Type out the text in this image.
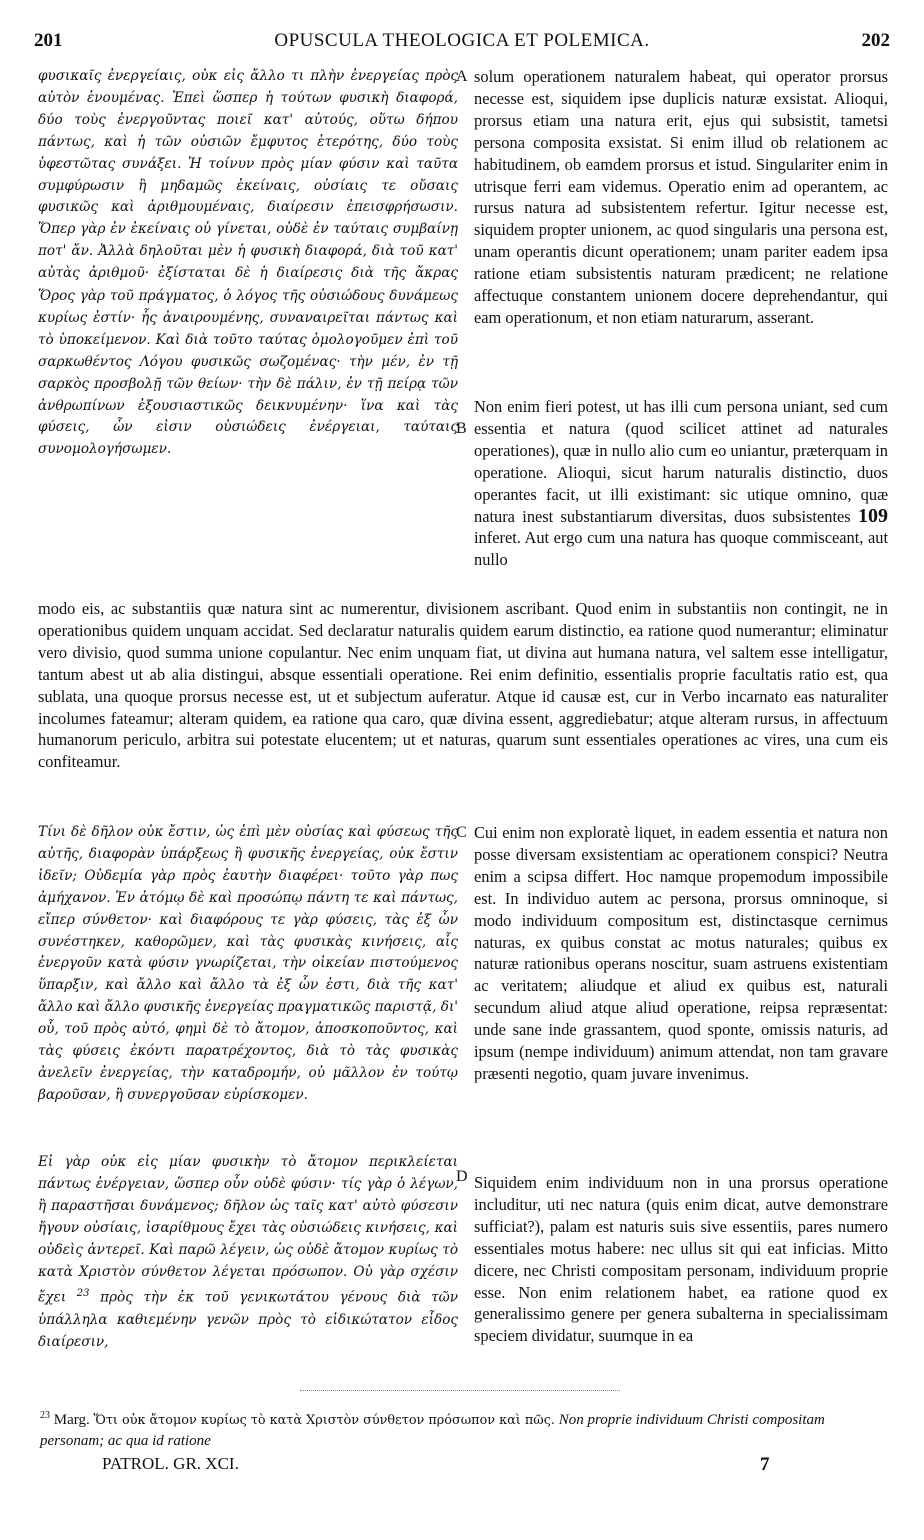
201	OPUSCULA THEOLOGICA ET POLEMICA.	202

φυσικαῖς ἐνεργείαις, οὐκ εἰς ἄλλο τι πλὴν ἐνεργείας πρὸς αὐτὸν ἑνουμένας. Ἐπεὶ ὥσπερ ἡ τούτων φυσικὴ διαφορά, δύο τοὺς ἐνεργοῦντας ποιεῖ κατ' αὐτούς, οὕτω δήπου πάντως, καὶ ἡ τῶν οὐσιῶν ἔμφυτος ἑτερότης, δύο τοὺς ὑφεστῶτας συνάξει. Ἡ τοίνυν πρὸς μίαν φύσιν καὶ ταῦτα συμφύρωσιν ἢ μηδαμῶς ἐκείναις, οὐσίαις τε οὔσαις φυσικῶς καὶ ἀριθμουμέναις, διαίρεσιν ἐπεισφρήσωσιν. Ὅπερ γὰρ ἐν ἐκείναις οὐ γίνεται, οὐδὲ ἐν ταύταις συμβαίνῃ ποτ' ἄν. Ἀλλὰ δηλοῦται μὲν ἡ φυσικὴ διαφορά, διὰ τοῦ κατ' αὐτὰς ἀριθμοῦ· ἐξίσταται δὲ ἡ διαίρεσις διὰ τῆς ἄκρας

A solum operationem naturalem habeat, qui operator prorsus necesse est, siquidem ipse duplicis naturæ exsistat. Alioqui, prorsus etiam una natura erit, ejus qui subsistit, tametsi persona composita exsistat. Si enim illud ob relationem ac habitudinem, ob eamdem prorsus et istud. Singulariter enim in utrisque ferri eam videmus. Operatio enim ad operantem, ac rursus natura ad subsistentem refertur. Igitur necesse est, siquidem propter unionem, ac quod singularis una persona est, unam operantis dicunt operationem; unam pariter eadem ipsa ratione etiam subsistentis naturam prædicent; ne relatione affectuque constantem unionem docere deprehendantur, qui eam operationum, et non etiam naturarum, asserant.

Ὅρος γὰρ τοῦ πράγματος, ὁ λόγος τῆς οὐσιώδους δυνάμεως κυρίως ἐστίν· ἧς ἀναιρουμένης, συναναιρεῖται πάντως καὶ τὸ ὑποκείμενον. Καὶ διὰ τοῦτο ταύτας ὁμολογοῦμεν ἐπὶ τοῦ σαρκωθέντος Λόγου φυσικῶς σωζομένας· τὴν μέν, ἐν τῇ σαρκὸς προσβολῇ τῶν θείων· τὴν δὲ πάλιν, ἐν τῇ πείρᾳ τῶν ἀνθρωπίνων ἐξουσιαστικῶς δεικνυμένην· ἵνα καὶ τὰς φύσεις, ὧν εἰσιν οὐσιώδεις ἐνέργειαι, ταύταις συνομολογήσωμεν.

B

Non enim fieri potest, ut has illi cum persona uniant, sed cum essentia et natura (quod scilicet attinet ad naturales operationes), quæ in nullo alio cum eo uniantur, præterquam in operatione. Alioqui, sicut harum naturalis distinctio, duos operantes facit, ut illi existimant: sic utique omnino, quæ natura inest substantiarum diversitas, duos subsistentes 109 inferet. Aut ergo cum una natura has quoque commisceant, aut nullo

modo eis, ac substantiis quæ natura sint ac numerentur, divisionem ascribant. Quod enim in substantiis non contingit, ne in operationibus quidem unquam accidat. Sed declaratur naturalis quidem earum distinctio, ea ratione quod numerantur; eliminatur vero divisio, quod summa unione copulantur. Nec enim unquam fiat, ut divina aut humana natura, vel saltem esse intelligatur, tantum abest ut ab alia distingui, absque essentiali operatione. Rei enim definitio, essentialis proprie facultatis ratio est, qua sublata, una quoque prorsus necesse est, ut et subjectum auferatur. Atque id causæ est, cur in Verbo incarnato eas naturaliter incolumes fateamur; alteram quidem, ea ratione qua caro, quæ divina essent, aggrediebatur; atque alteram rursus, in affectuum humanorum periculo, arbitra sui potestate elucentem; ut et naturas, quarum sunt essentiales operationes ac vires, una cum eis confiteamur.

Τίνι δὲ δῆλον οὐκ ἔστιν, ὡς ἐπὶ μὲν οὐσίας καὶ φύσεως τῆς αὐτῆς, διαφορὰν ὑπάρξεως ἢ φυσικῆς ἐνεργείας, οὐκ ἔστιν ἰδεῖν; Οὐδεμία γὰρ πρὸς ἑαυτὴν διαφέρει· τοῦτο γὰρ πως ἀμήχανον. Ἐν ἀτόμῳ δὲ καὶ προσώπῳ πάντη τε καὶ πάντως, εἴπερ σύνθετον· καὶ διαφόρους τε γὰρ φύσεις, τὰς ἐξ ὧν συνέστηκεν, καθορῶμεν, καὶ τὰς φυσικὰς κινήσεις, αἷς ἐνεργοῦν κατὰ φύσιν γνωρίζεται, τὴν οἰκείαν πιστούμενος ὕπαρξιν, καὶ ἄλλο καὶ ἄλλο τὰ ἐξ ὧν ἐστι, διὰ τῆς κατ' ἄλλο καὶ ἄλλο φυσικῆς ἐνεργείας πραγματικῶς παριστᾷ, δι' οὗ, τοῦ πρὸς αὐτό, φημὶ δὲ τὸ ἄτομον, ἀποσκοποῦντος, καὶ τὰς φύσεις ἐκόντι παρατρέχοντος, διὰ τὸ τὰς φυσικὰς ἀνελεῖν ἐνεργείας, τὴν καταδρομήν, οὐ μᾶλλον ἐν τούτῳ βαροῦσαν, ἢ συνεργοῦσαν εὑρίσκομεν.

C Cui enim non exploratè liquet, in eadem essentia et natura non posse diversam exsistentiam ac operationem conspici? Neutra enim a scipsa differt. Hoc namque propemodum impossibile est. In individuo autem ac persona, prorsus omninoque, si modo individuum compositum est, distinctasque cernimus naturas, ex quibus constat ac motus naturales; quibus ex naturæ rationibus operans noscitur, suam astruens existentiam ac veritatem; aliudque et aliud ex quibus est, naturali secundum aliud atque aliud operatione, reipsa repræsentat: unde sane inde grassantem, quod sponte, omissis naturis, ad ipsum (nempe individuum) animum attendat, non tam gravare præsenti negotio, quam juvare invenimus.

Εἰ γὰρ οὐκ εἰς μίαν φυσικὴν τὸ ἄτομον περικλείεται πάντως ἐνέργειαν, ὥσπερ οὖν οὐδὲ φύσιν· τίς γὰρ ὁ λέγων, ἢ παραστῆσαι δυνάμενος; δῆλον ὡς ταῖς κατ' αὐτὸ φύσεσιν ἤγουν οὐσίαις, ἰσαρίθμους ἔχει τὰς οὐσιώδεις κινήσεις, καὶ οὐδεὶς ἀντερεῖ. Καὶ παρῶ λέγειν, ὡς οὐδὲ ἄτομον κυρίως τὸ κατὰ Χριστὸν σύνθετον λέγεται πρόσωπον. Οὐ γὰρ σχέσιν ἔχει $^{23}$ πρὸς τὴν ἐκ τοῦ γενικωτάτου γένους διὰ τῶν ὑπάλληλα καθιεμένην γενῶν πρὸς τὸ εἰδικώτατον εἶδος διαίρεσιν,

D Siquidem enim individuum non in una prorsus operatione includitur, uti nec natura (quis enim dicat, autve demonstrare sufficiat?), palam est naturis suis sive essentiis, pares numero essentiales motus habere: nec ullus sit qui eat inficias. Mitto dicere, nec Christi compositam personam, individuum proprie esse. Non enim relationem habet, ea ratione quod ex generalissimo genere per genera subalterna in specialissimam speciem dividatur, suumque in ea

$^{23}$ Marg. Ὅτι οὐκ ἄτομον κυρίως τὸ κατὰ Χριστὸν σύνθετον πρόσωπον καὶ πῶς. Non proprie individuum Christi compositam personam; ac qua id ratione
PATROL. GR. XCI.	7
